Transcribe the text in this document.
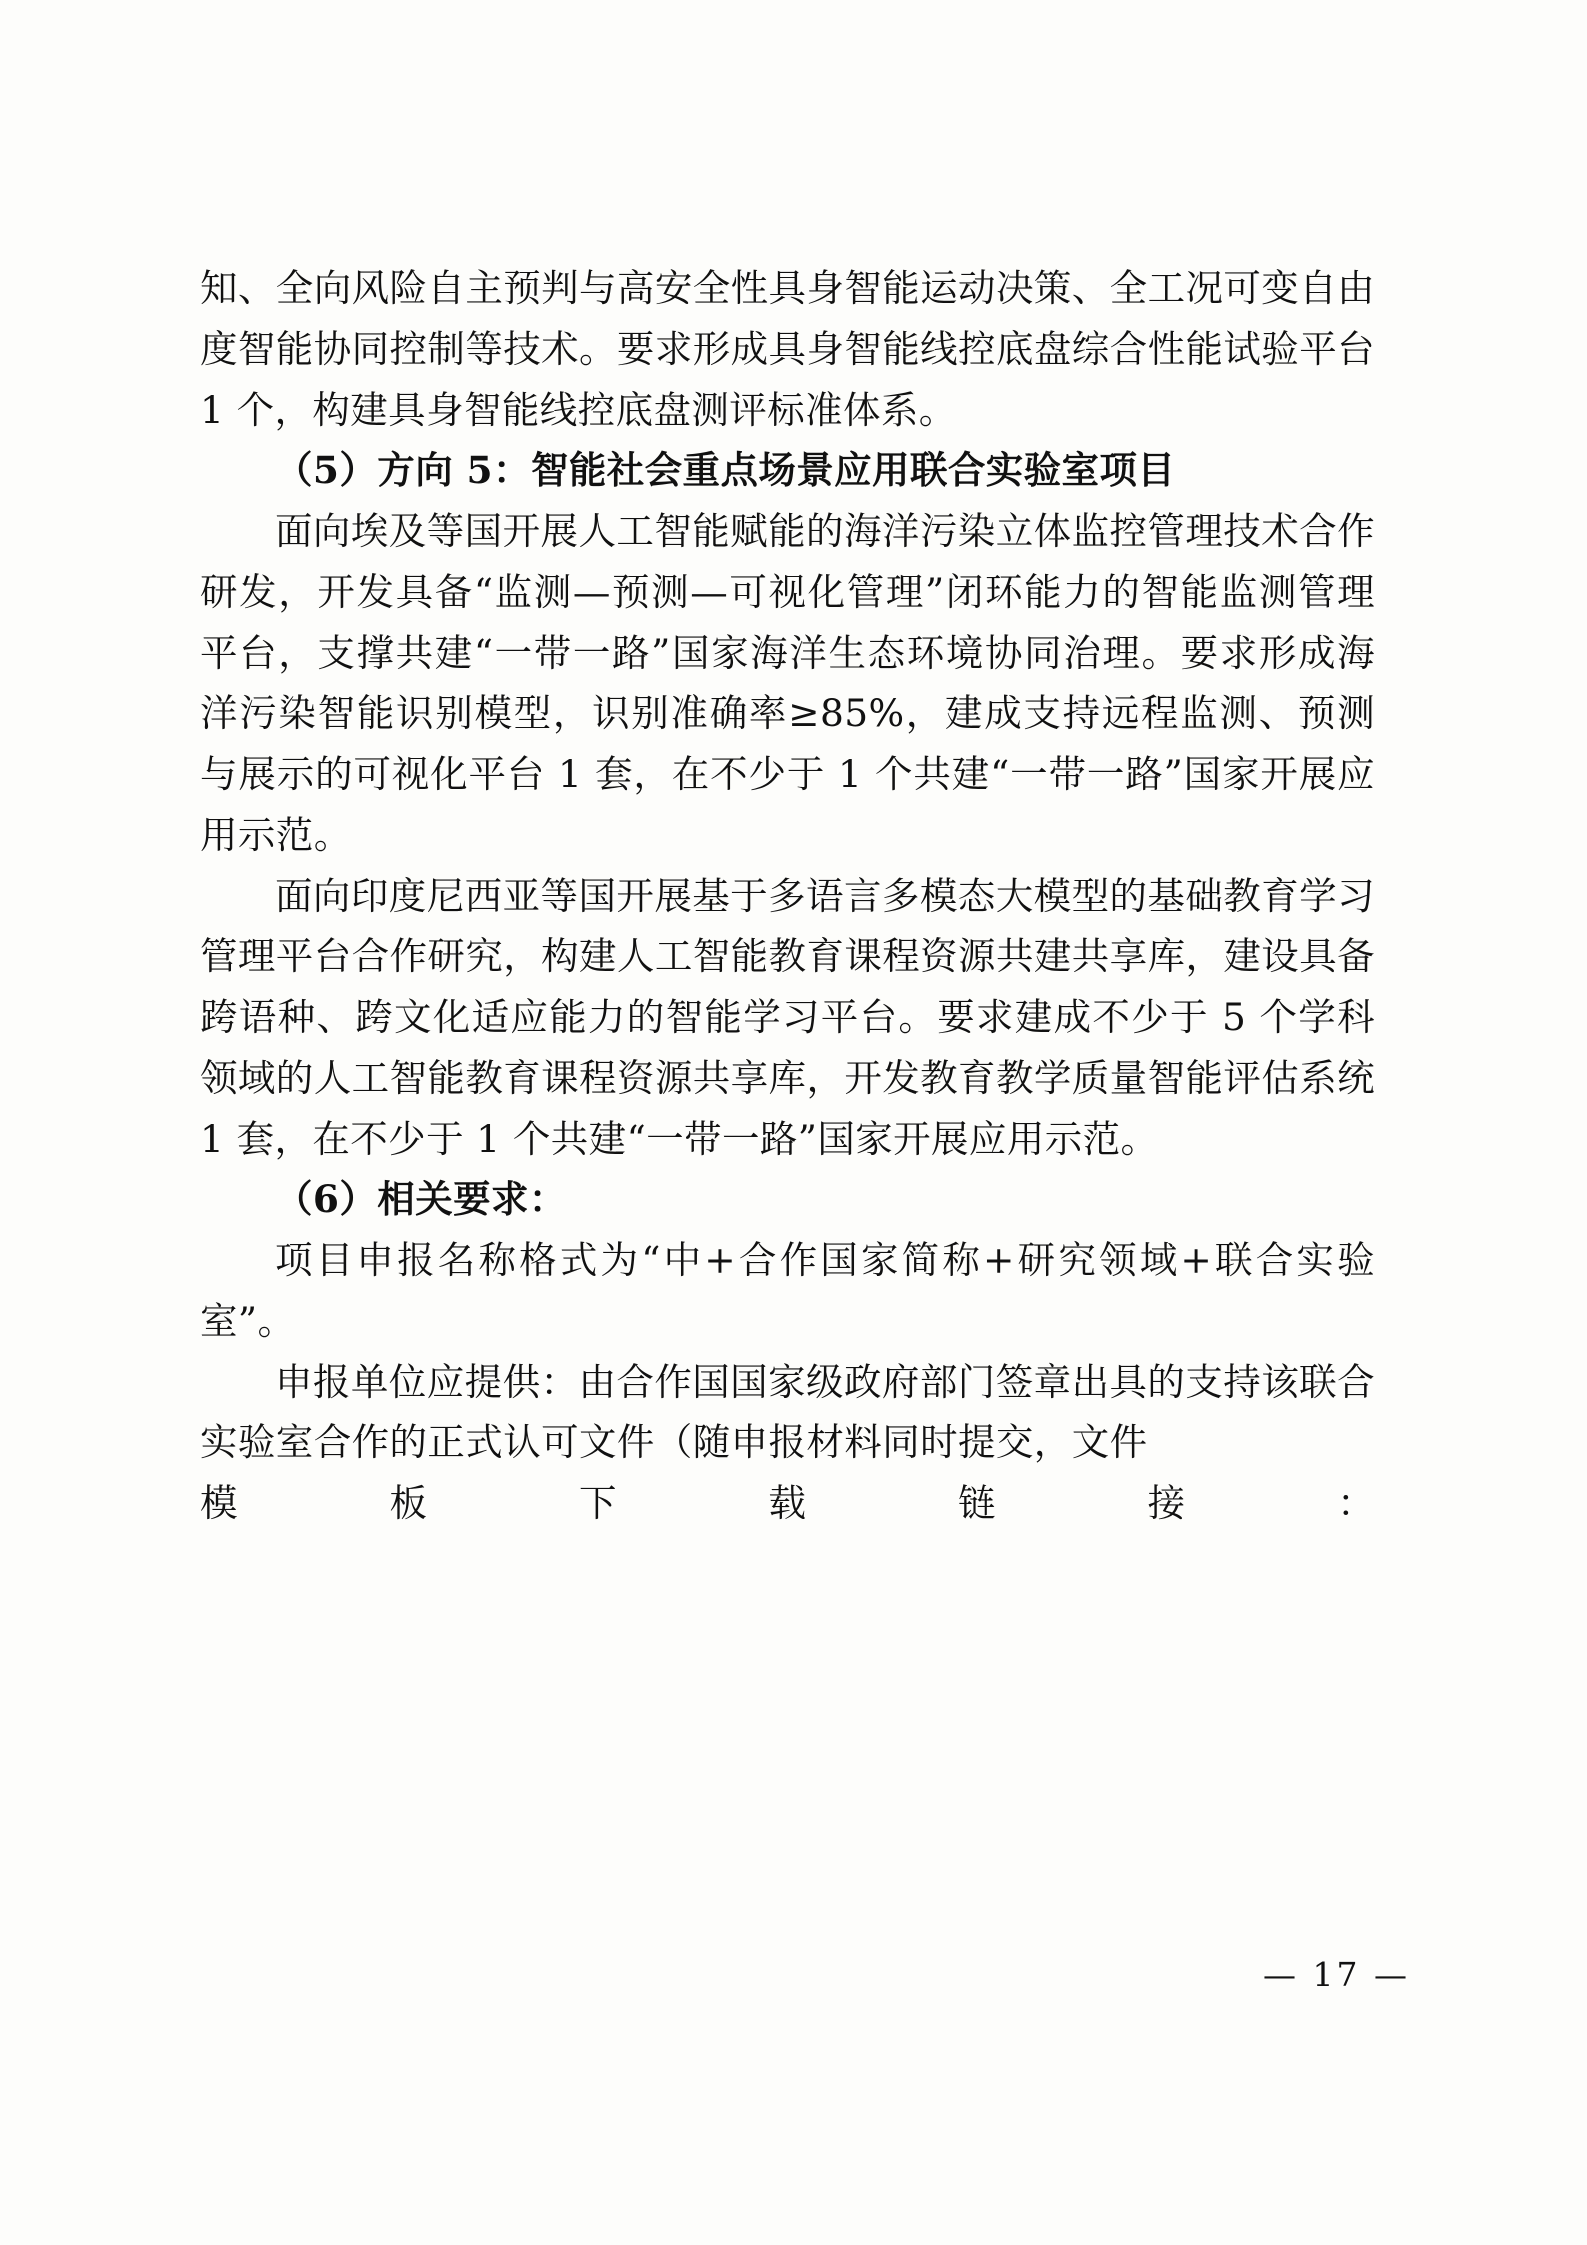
知、全向风险自主预判与高安全性具身智能运动决策、全工况可变自由度智能协同控制等技术。要求形成具身智能线控底盘综合性能试验平台 1 个，构建具身智能线控底盘测评标准体系。

（5）方向 5：智能社会重点场景应用联合实验室项目

面向埃及等国开展人工智能赋能的海洋污染立体监控管理技术合作研发，开发具备“监测—预测—可视化管理”闭环能力的智能监测管理平台，支撑共建“一带一路”国家海洋生态环境协同治理。要求形成海洋污染智能识别模型，识别准确率≥85%，建成支持远程监测、预测与展示的可视化平台 1 套，在不少于 1 个共建“一带一路”国家开展应用示范。

面向印度尼西亚等国开展基于多语言多模态大模型的基础教育学习管理平台合作研究，构建人工智能教育课程资源共建共享库，建设具备跨语种、跨文化适应能力的智能学习平台。要求建成不少于 5 个学科领域的人工智能教育课程资源共享库，开发教育教学质量智能评估系统 1 套，在不少于 1 个共建“一带一路”国家开展应用示范。

（6）相关要求：

项目申报名称格式为“中+合作国家简称+研究领域+联合实验室”。

申报单位应提供：由合作国国家级政府部门签章出具的支持该联合实验室合作的正式认可文件（随申报材料同时提交，文件

模板下载链接：

— 17 —
